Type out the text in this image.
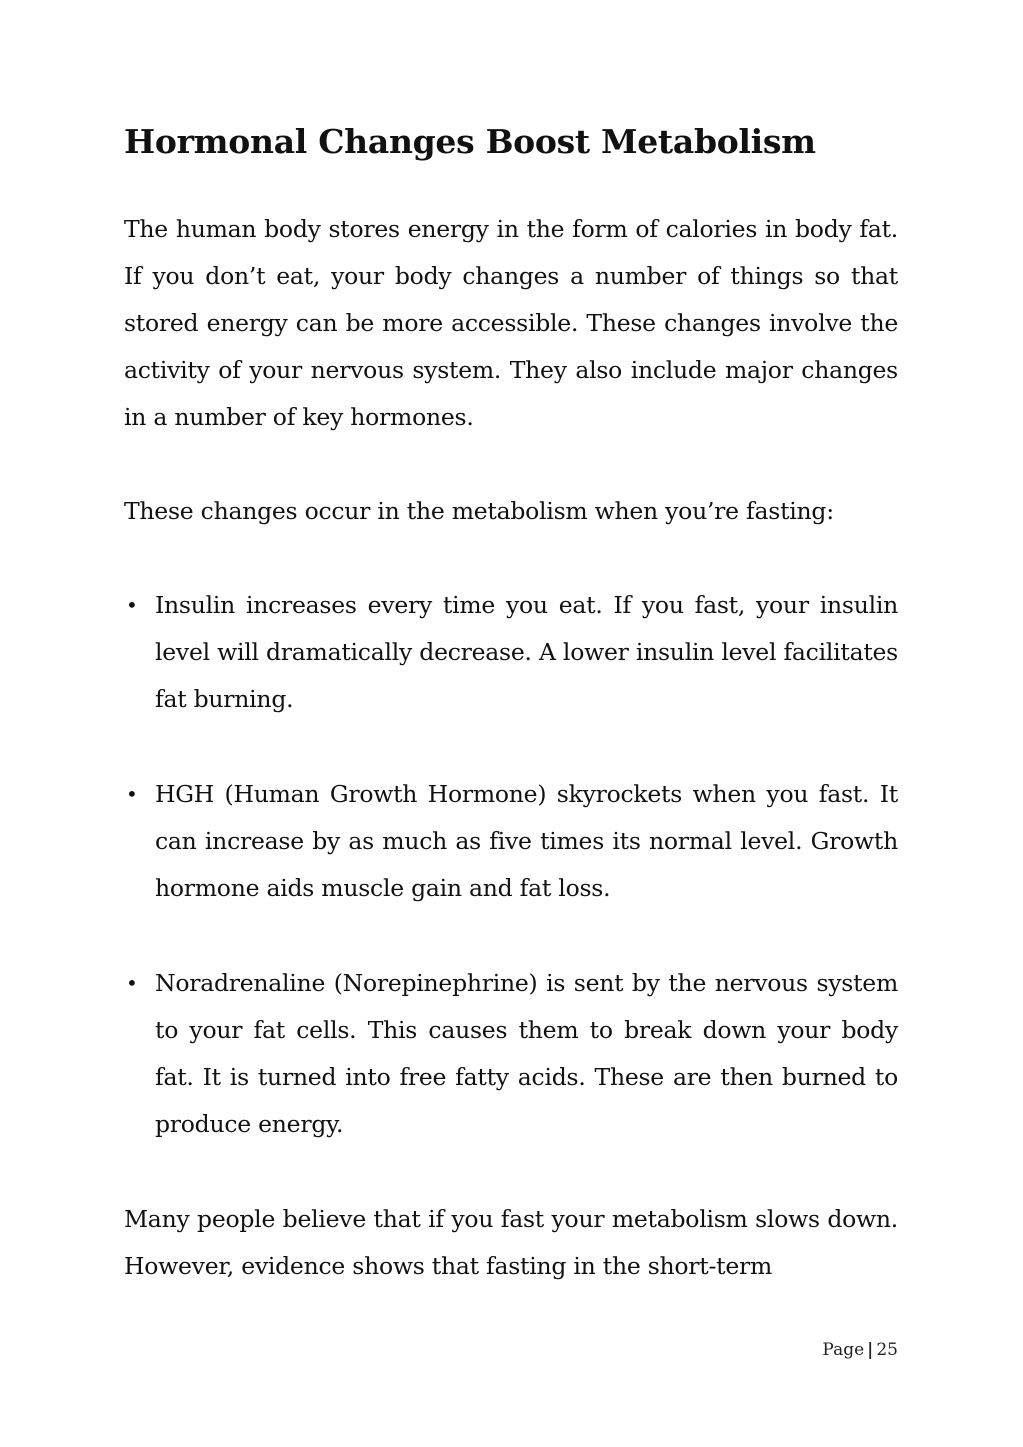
Hormonal Changes Boost Metabolism

The human body stores energy in the form of calories in body fat. If you don’t eat, your body changes a number of things so that stored energy can be more accessible. These changes involve the activity of your nervous system. They also include major changes in a number of key hormones.

These changes occur in the metabolism when you’re fasting:

• Insulin increases every time you eat. If you fast, your insulin level will dramatically decrease. A lower insulin level facilitates fat burning.
• HGH (Human Growth Hormone) skyrockets when you fast. It can increase by as much as five times its normal level. Growth hormone aids muscle gain and fat loss.
• Noradrenaline (Norepinephrine) is sent by the nervous system to your fat cells. This causes them to break down your body fat. It is turned into free fatty acids. These are then burned to produce energy.

Many people believe that if you fast your metabolism slows down. However, evidence shows that fasting in the short-term

Page | 25
